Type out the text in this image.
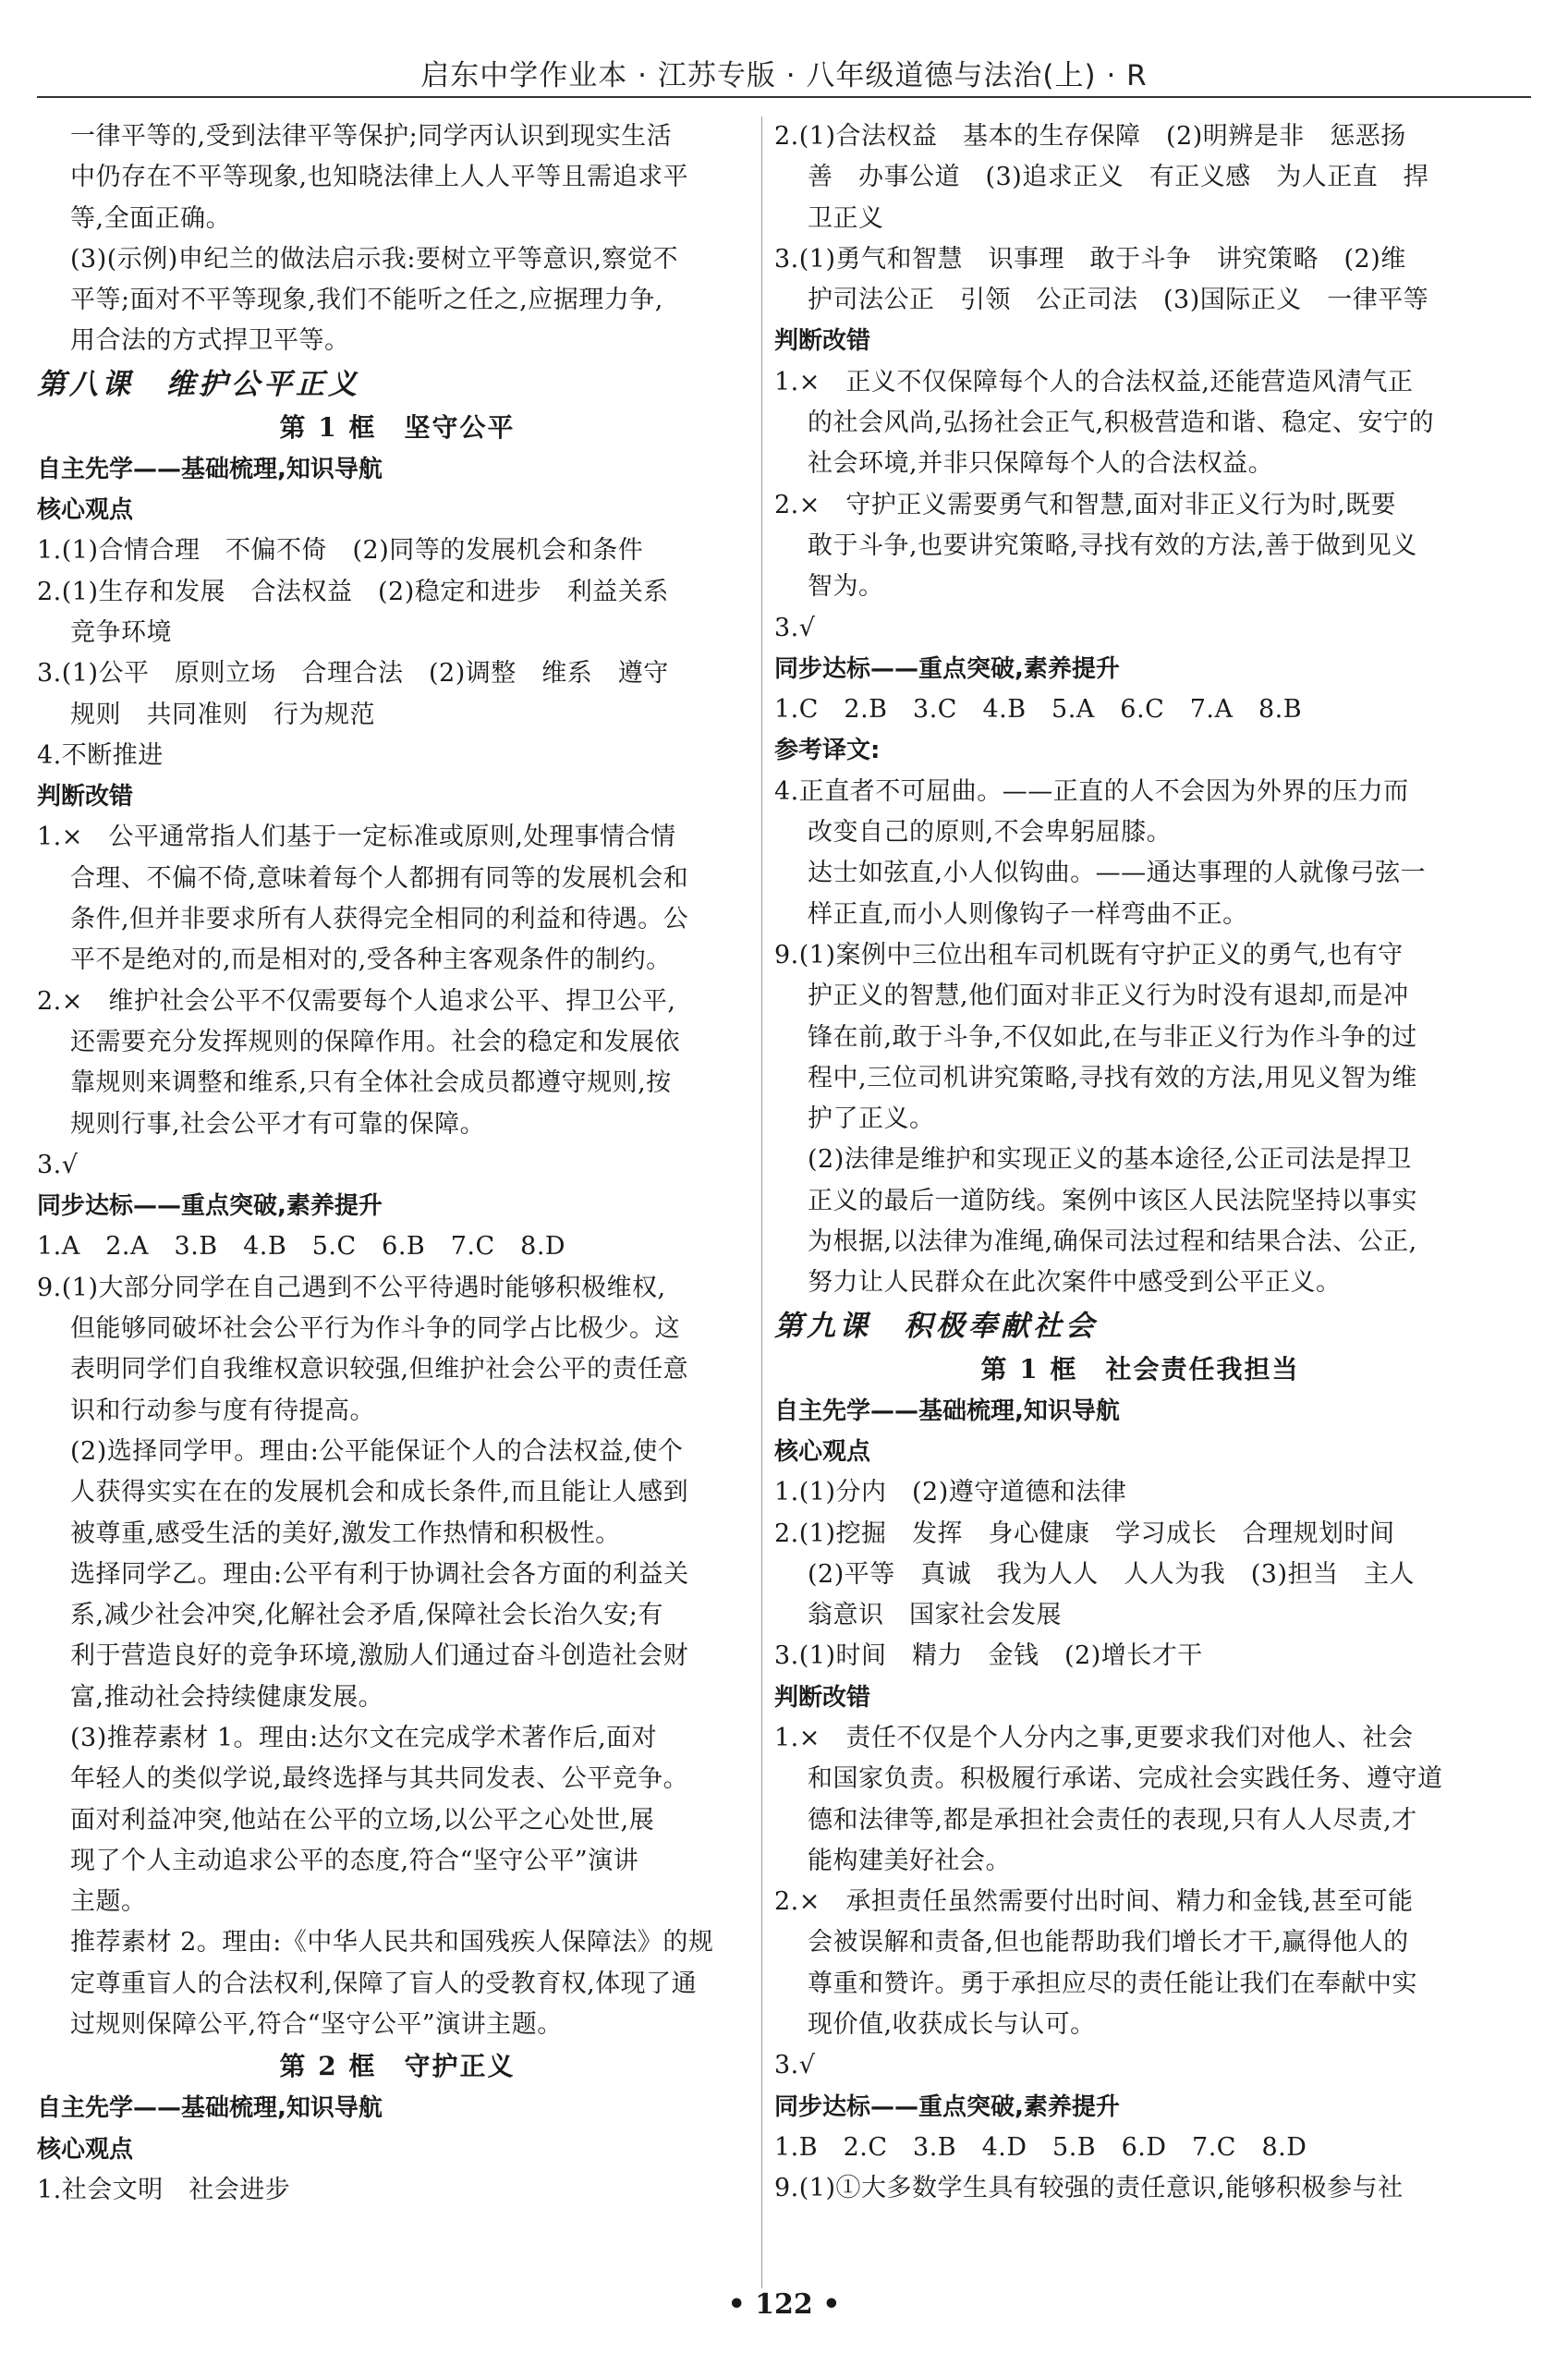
启东中学作业本 · 江苏专版 · 八年级道德与法治(上) · R
一律平等的,受到法律平等保护;同学丙认识到现实生活
中仍存在不平等现象,也知晓法律上人人平等且需追求平
等,全面正确。
(3)(示例)申纪兰的做法启示我:要树立平等意识,察觉不
平等;面对不平等现象,我们不能听之任之,应据理力争,
用合法的方式捍卫平等。
第八课　维护公平正义
第 1 框　坚守公平
自主先学——基础梳理,知识导航
核心观点
1.(1)合情合理　不偏不倚　(2)同等的发展机会和条件
2.(1)生存和发展　合法权益　(2)稳定和进步　利益关系
竞争环境
3.(1)公平　原则立场　合理合法　(2)调整　维系　遵守
规则　共同准则　行为规范
4.不断推进
判断改错
1.×　公平通常指人们基于一定标准或原则,处理事情合情
合理、不偏不倚,意味着每个人都拥有同等的发展机会和
条件,但并非要求所有人获得完全相同的利益和待遇。公
平不是绝对的,而是相对的,受各种主客观条件的制约。
2.×　维护社会公平不仅需要每个人追求公平、捍卫公平,
还需要充分发挥规则的保障作用。社会的稳定和发展依
靠规则来调整和维系,只有全体社会成员都遵守规则,按
规则行事,社会公平才有可靠的保障。
3.√
同步达标——重点突破,素养提升
1.A　2.A　3.B　4.B　5.C　6.B　7.C　8.D
9.(1)大部分同学在自己遇到不公平待遇时能够积极维权,
但能够同破坏社会公平行为作斗争的同学占比极少。这
表明同学们自我维权意识较强,但维护社会公平的责任意
识和行动参与度有待提高。
(2)选择同学甲。理由:公平能保证个人的合法权益,使个
人获得实实在在的发展机会和成长条件,而且能让人感到
被尊重,感受生活的美好,激发工作热情和积极性。
选择同学乙。理由:公平有利于协调社会各方面的利益关
系,减少社会冲突,化解社会矛盾,保障社会长治久安;有
利于营造良好的竞争环境,激励人们通过奋斗创造社会财
富,推动社会持续健康发展。
(3)推荐素材 1。理由:达尔文在完成学术著作后,面对
年轻人的类似学说,最终选择与其共同发表、公平竞争。
面对利益冲突,他站在公平的立场,以公平之心处世,展
现了个人主动追求公平的态度,符合“坚守公平”演讲
主题。
推荐素材 2。理由:《中华人民共和国残疾人保障法》的规
定尊重盲人的合法权利,保障了盲人的受教育权,体现了通
过规则保障公平,符合“坚守公平”演讲主题。
第 2 框　守护正义
自主先学——基础梳理,知识导航
核心观点
1.社会文明　社会进步
2.(1)合法权益　基本的生存保障　(2)明辨是非　惩恶扬
善　办事公道　(3)追求正义　有正义感　为人正直　捍
卫正义
3.(1)勇气和智慧　识事理　敢于斗争　讲究策略　(2)维
护司法公正　引领　公正司法　(3)国际正义　一律平等
判断改错
1.×　正义不仅保障每个人的合法权益,还能营造风清气正
的社会风尚,弘扬社会正气,积极营造和谐、稳定、安宁的
社会环境,并非只保障每个人的合法权益。
2.×　守护正义需要勇气和智慧,面对非正义行为时,既要
敢于斗争,也要讲究策略,寻找有效的方法,善于做到见义
智为。
3.√
同步达标——重点突破,素养提升
1.C　2.B　3.C　4.B　5.A　6.C　7.A　8.B
参考译文:
4.正直者不可屈曲。——正直的人不会因为外界的压力而
改变自己的原则,不会卑躬屈膝。
达士如弦直,小人似钩曲。——通达事理的人就像弓弦一
样正直,而小人则像钩子一样弯曲不正。
9.(1)案例中三位出租车司机既有守护正义的勇气,也有守
护正义的智慧,他们面对非正义行为时没有退却,而是冲
锋在前,敢于斗争,不仅如此,在与非正义行为作斗争的过
程中,三位司机讲究策略,寻找有效的方法,用见义智为维
护了正义。
(2)法律是维护和实现正义的基本途径,公正司法是捍卫
正义的最后一道防线。案例中该区人民法院坚持以事实
为根据,以法律为准绳,确保司法过程和结果合法、公正,
努力让人民群众在此次案件中感受到公平正义。
第九课　积极奉献社会
第 1 框　社会责任我担当
自主先学——基础梳理,知识导航
核心观点
1.(1)分内　(2)遵守道德和法律
2.(1)挖掘　发挥　身心健康　学习成长　合理规划时间
(2)平等　真诚　我为人人　人人为我　(3)担当　主人
翁意识　国家社会发展
3.(1)时间　精力　金钱　(2)增长才干
判断改错
1.×　责任不仅是个人分内之事,更要求我们对他人、社会
和国家负责。积极履行承诺、完成社会实践任务、遵守道
德和法律等,都是承担社会责任的表现,只有人人尽责,才
能构建美好社会。
2.×　承担责任虽然需要付出时间、精力和金钱,甚至可能
会被误解和责备,但也能帮助我们增长才干,赢得他人的
尊重和赞许。勇于承担应尽的责任能让我们在奉献中实
现价值,收获成长与认可。
3.√
同步达标——重点突破,素养提升
1.B　2.C　3.B　4.D　5.B　6.D　7.C　8.D
9.(1)①大多数学生具有较强的责任意识,能够积极参与社
• 122 •
